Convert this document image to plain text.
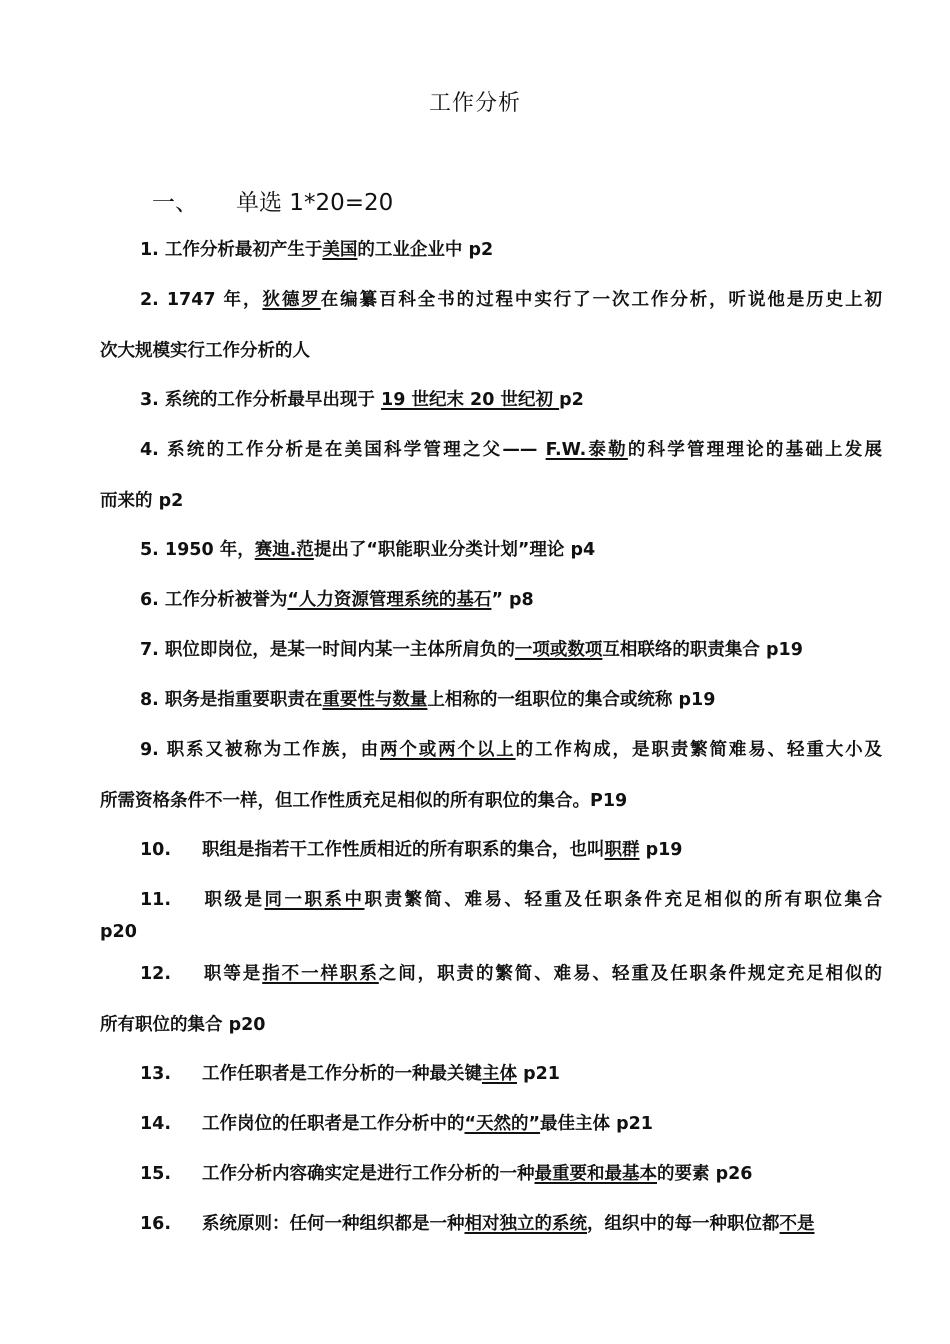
工作分析
一、 单选 1*20=20
1. 工作分析最初产生于美国的工业企业中 p2
2. 1747 年，狄德罗在编纂百科全书的过程中实行了一次工作分析，听说他是历史上初
次大规模实行工作分析的人
3. 系统的工作分析最早出现于 19 世纪末 20 世纪初 p2
4. 系统的工作分析是在美国科学管理之父—— F.W.泰勒的科学管理理论的基础上发展
而来的 p2
5. 1950 年，赛迪.范提出了“职能职业分类计划”理论 p4
6. 工作分析被誉为“人力资源管理系统的基石” p8
7. 职位即岗位，是某一时间内某一主体所肩负的一项或数项互相联络的职责集合 p19
8. 职务是指重要职责在重要性与数量上相称的一组职位的集合或统称 p19
9. 职系又被称为工作族，由两个或两个以上的工作构成，是职责繁简难易、轻重大小及
所需资格条件不一样，但工作性质充足相似的所有职位的集合。P19
10. 职组是指若干工作性质相近的所有职系的集合，也叫职群 p19
11. 职级是同一职系中职责繁简、难易、轻重及任职条件充足相似的所有职位集合
p20
12. 职等是指不一样职系之间，职责的繁简、难易、轻重及任职条件规定充足相似的
所有职位的集合 p20
13. 工作任职者是工作分析的一种最关键主体 p21
14. 工作岗位的任职者是工作分析中的“天然的”最佳主体 p21
15. 工作分析内容确实定是进行工作分析的一种最重要和最基本的要素 p26
16. 系统原则：任何一种组织都是一种相对独立的系统，组织中的每一种职位都不是
